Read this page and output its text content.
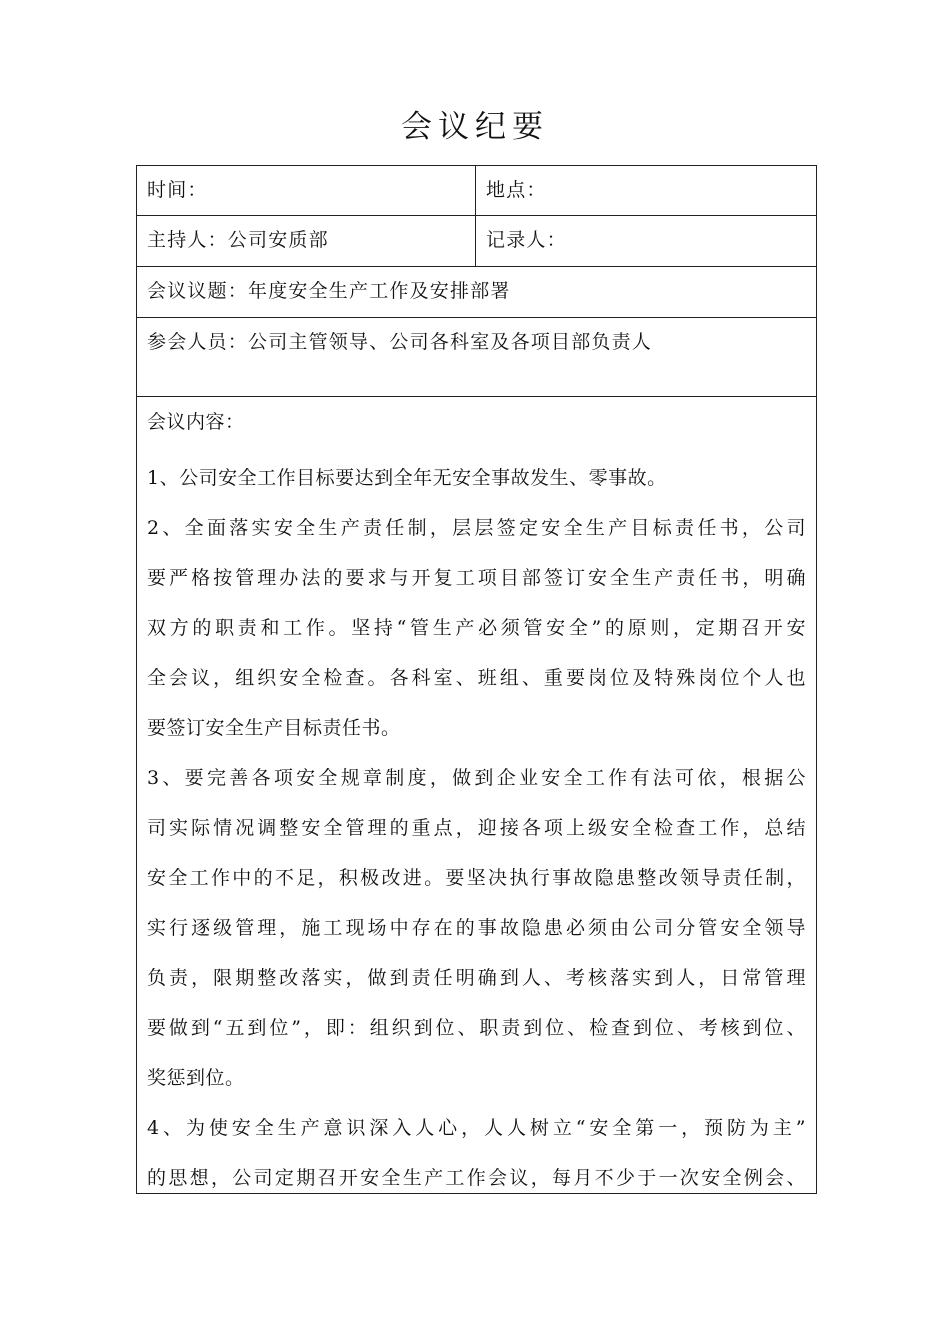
会议纪要
时间：	地点：
主持人：公司安质部	记录人：
会议议题：年度安全生产工作及安排部署
参会人员：公司主管领导、公司各科室及各项目部负责人
会议内容：
1、公司安全工作目标要达到全年无安全事故发生、零事故。
2、全面落实安全生产责任制，层层签定安全生产目标责任书，公司
要严格按管理办法的要求与开复工项目部签订安全生产责任书，明确
双方的职责和工作。坚持“管生产必须管安全”的原则，定期召开安
全会议，组织安全检查。各科室、班组、重要岗位及特殊岗位个人也
要签订安全生产目标责任书。
3、要完善各项安全规章制度，做到企业安全工作有法可依，根据公
司实际情况调整安全管理的重点，迎接各项上级安全检查工作，总结
安全工作中的不足，积极改进。要坚决执行事故隐患整改领导责任制，
实行逐级管理，施工现场中存在的事故隐患必须由公司分管安全领导
负责，限期整改落实，做到责任明确到人、考核落实到人，日常管理
要做到“五到位”，即：组织到位、职责到位、检查到位、考核到位、
奖惩到位。
4、为使安全生产意识深入人心，人人树立“安全第一，预防为主”
的思想，公司定期召开安全生产工作会议，每月不少于一次安全例会、
